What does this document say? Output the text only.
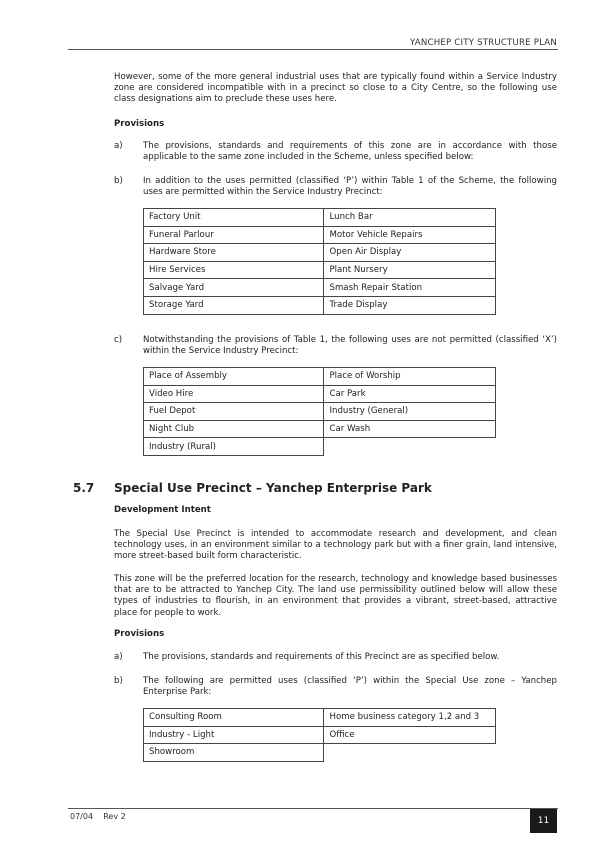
YANCHEP CITY STRUCTURE PLAN

However, some of the more general industrial uses that are typically found within a Service Industry zone are considered incompatible with in a precinct so close to a City Centre, so the following use class designations aim to preclude these uses here.

Provisions
a) The provisions, standards and requirements of this zone are in accordance with those applicable to the same zone included in the Scheme, unless specified below:

b) In addition to the uses permitted (classified ‘P’) within Table 1 of the Scheme, the following uses are permitted within the Service Industry Precinct:

Factory Unit	Lunch Bar
Funeral Parlour	Motor Vehicle Repairs
Hardware Store	Open Air Display
Hire Services	Plant Nursery
Salvage Yard	Smash Repair Station
Storage Yard	Trade Display
c) Notwithstanding the provisions of Table 1, the following uses are not permitted (classified ‘X’) within the Service Industry Precinct:

Place of Assembly	Place of Worship
Video Hire	Car Park
Fuel Depot	Industry (General)
Night Club	Car Wash
Industry (Rural)	
5.7 Special Use Precinct – Yanchep Enterprise Park
Development Intent

The Special Use Precinct is intended to accommodate research and development, and clean technology uses, in an environment similar to a technology park but with a finer grain, land intensive, more street-based built form characteristic.

This zone will be the preferred location for the research, technology and knowledge based businesses that are to be attracted to Yanchep City. The land use permissibility outlined below will allow these types of industries to flourish, in an environment that provides a vibrant, street-based, attractive place for people to work.

Provisions
a) The provisions, standards and requirements of this Precinct are as specified below.

b) The following are permitted uses (classified ‘P’) within the Special Use zone – Yanchep Enterprise Park:

Consulting Room	Home business category 1,2 and 3
Industry - Light	Office
Showroom	
07/04    Rev 2	11
